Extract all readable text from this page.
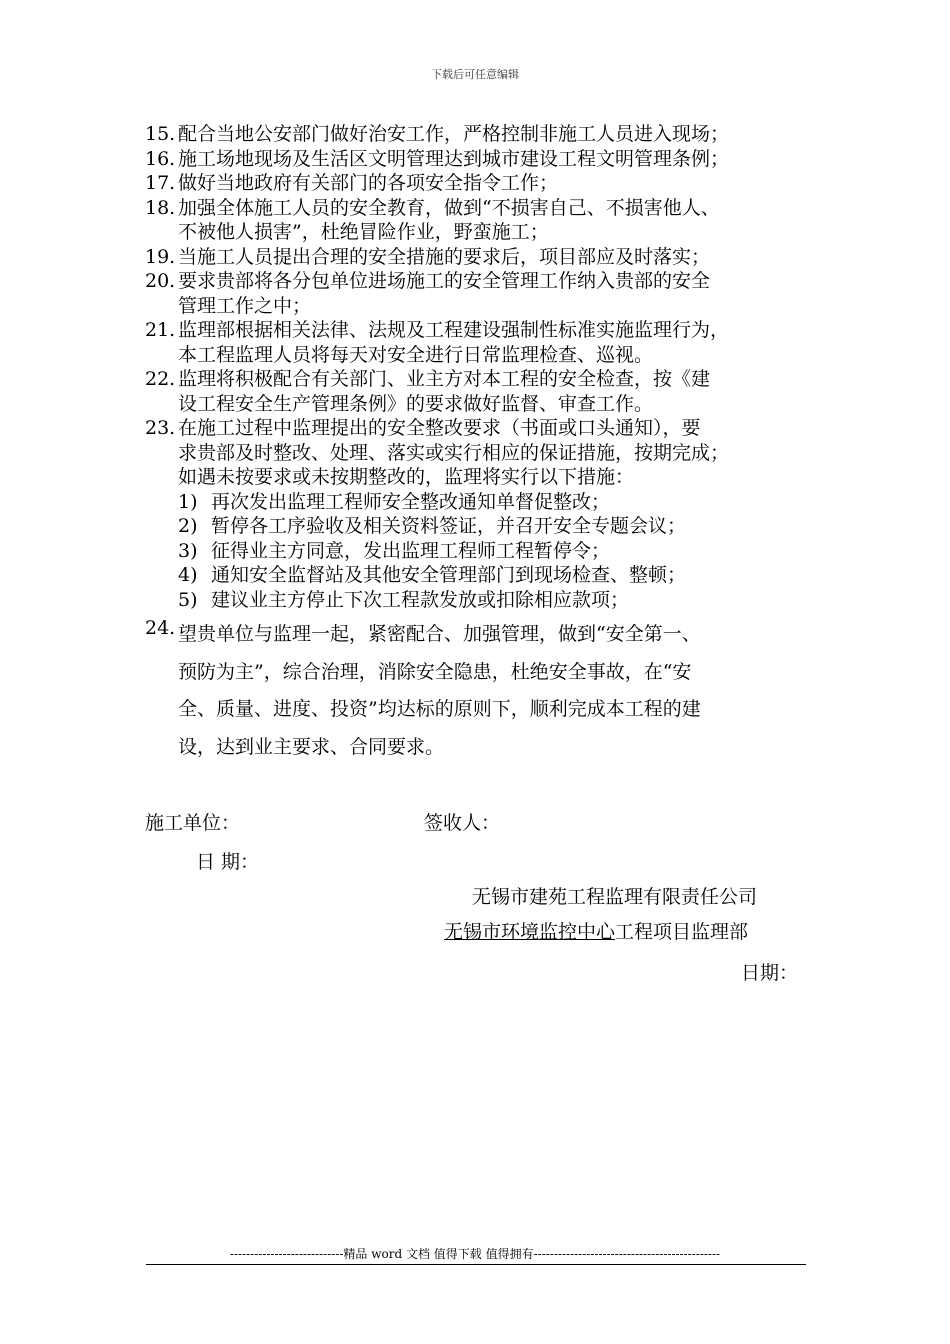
下载后可任意编辑
15. 配合当地公安部门做好治安工作，严格控制非施工人员进入现场；
16. 施工场地现场及生活区文明管理达到城市建设工程文明管理条例；
17. 做好当地政府有关部门的各项安全指令工作；
18. 加强全体施工人员的安全教育，做到“不损害自己、不损害他人、
不被他人损害”，杜绝冒险作业，野蛮施工；
19. 当施工人员提出合理的安全措施的要求后，项目部应及时落实；
20. 要求贵部将各分包单位进场施工的安全管理工作纳入贵部的安全
管理工作之中；
21. 监理部根据相关法律、法规及工程建设强制性标准实施监理行为，
本工程监理人员将每天对安全进行日常监理检查、巡视。
22. 监理将积极配合有关部门、业主方对本工程的安全检查，按《建
设工程安全生产管理条例》的要求做好监督、审查工作。
23. 在施工过程中监理提出的安全整改要求（书面或口头通知），要
求贵部及时整改、处理、落实或实行相应的保证措施，按期完成；
如遇未按要求或未按期整改的，监理将实行以下措施：
1) 再次发出监理工程师安全整改通知单督促整改；
2) 暂停各工序验收及相关资料签证，并召开安全专题会议；
3) 征得业主方同意，发出监理工程师工程暂停令；
4) 通知安全监督站及其他安全管理部门到现场检查、整顿；
5) 建议业主方停止下次工程款发放或扣除相应款项；
24. 望贵单位与监理一起，紧密配合、加强管理，做到“安全第一、
预防为主”，综合治理，消除安全隐患，杜绝安全事故，在“安
全、质量、进度、投资”均达标的原则下，顺利完成本工程的建
设，达到业主要求、合同要求。
施工单位：	签收人：
日 期：
无锡市建苑工程监理有限责任公司
无锡市环境监控中心工程项目监理部
日期：
----------------------------精品 word 文档 值得下载 值得拥有----------------------------------------------
